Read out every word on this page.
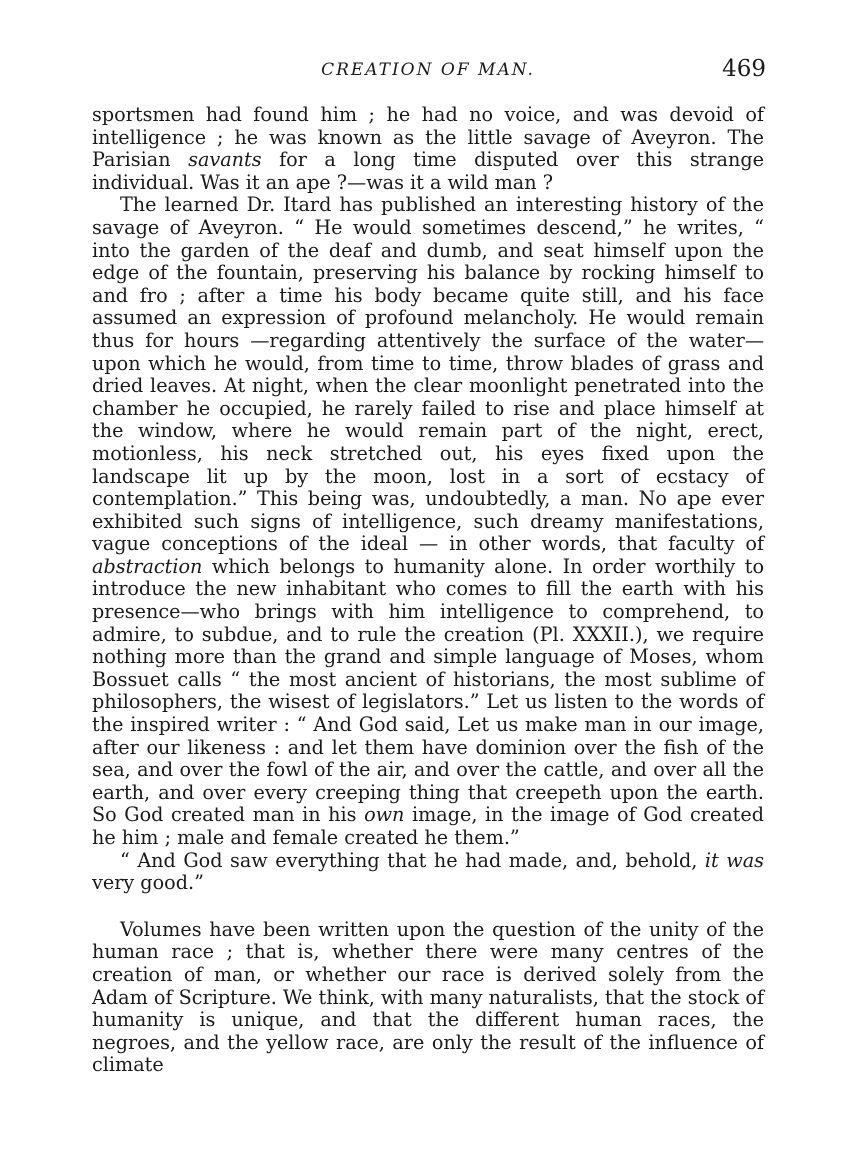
CREATION OF MAN.	469

sportsmen had found him ; he had no voice, and was devoid of intelligence ; he was known as the little savage of Aveyron. The Parisian savants for a long time disputed over this strange individual. Was it an ape ?—was it a wild man ?

The learned Dr. Itard has published an interesting history of the savage of Aveyron. “ He would sometimes descend,” he writes, “ into the garden of the deaf and dumb, and seat himself upon the edge of the fountain, preserving his balance by rocking himself to and fro ; after a time his body became quite still, and his face assumed an expression of profound melancholy. He would remain thus for hours —regarding attentively the surface of the water—upon which he would, from time to time, throw blades of grass and dried leaves. At night, when the clear moonlight penetrated into the chamber he occupied, he rarely failed to rise and place himself at the window, where he would remain part of the night, erect, motionless, his neck stretched out, his eyes fixed upon the landscape lit up by the moon, lost in a sort of ecstacy of contemplation.” This being was, undoubtedly, a man. No ape ever exhibited such signs of intelligence, such dreamy manifestations, vague conceptions of the ideal — in other words, that faculty of abstraction which belongs to humanity alone. In order worthily to introduce the new inhabitant who comes to fill the earth with his presence—who brings with him intelligence to comprehend, to admire, to subdue, and to rule the creation (Pl. XXXII.), we require nothing more than the grand and simple language of Moses, whom Bossuet calls “ the most ancient of historians, the most sublime of philosophers, the wisest of legislators.” Let us listen to the words of the inspired writer : “ And God said, Let us make man in our image, after our likeness : and let them have dominion over the fish of the sea, and over the fowl of the air, and over the cattle, and over all the earth, and over every creeping thing that creepeth upon the earth. So God created man in his own image, in the image of God created he him ; male and female created he them.”

“ And God saw everything that he had made, and, behold, it was very good.”

Volumes have been written upon the question of the unity of the human race ; that is, whether there were many centres of the creation of man, or whether our race is derived solely from the Adam of Scripture. We think, with many naturalists, that the stock of humanity is unique, and that the different human races, the negroes, and the yellow race, are only the result of the influence of climate
